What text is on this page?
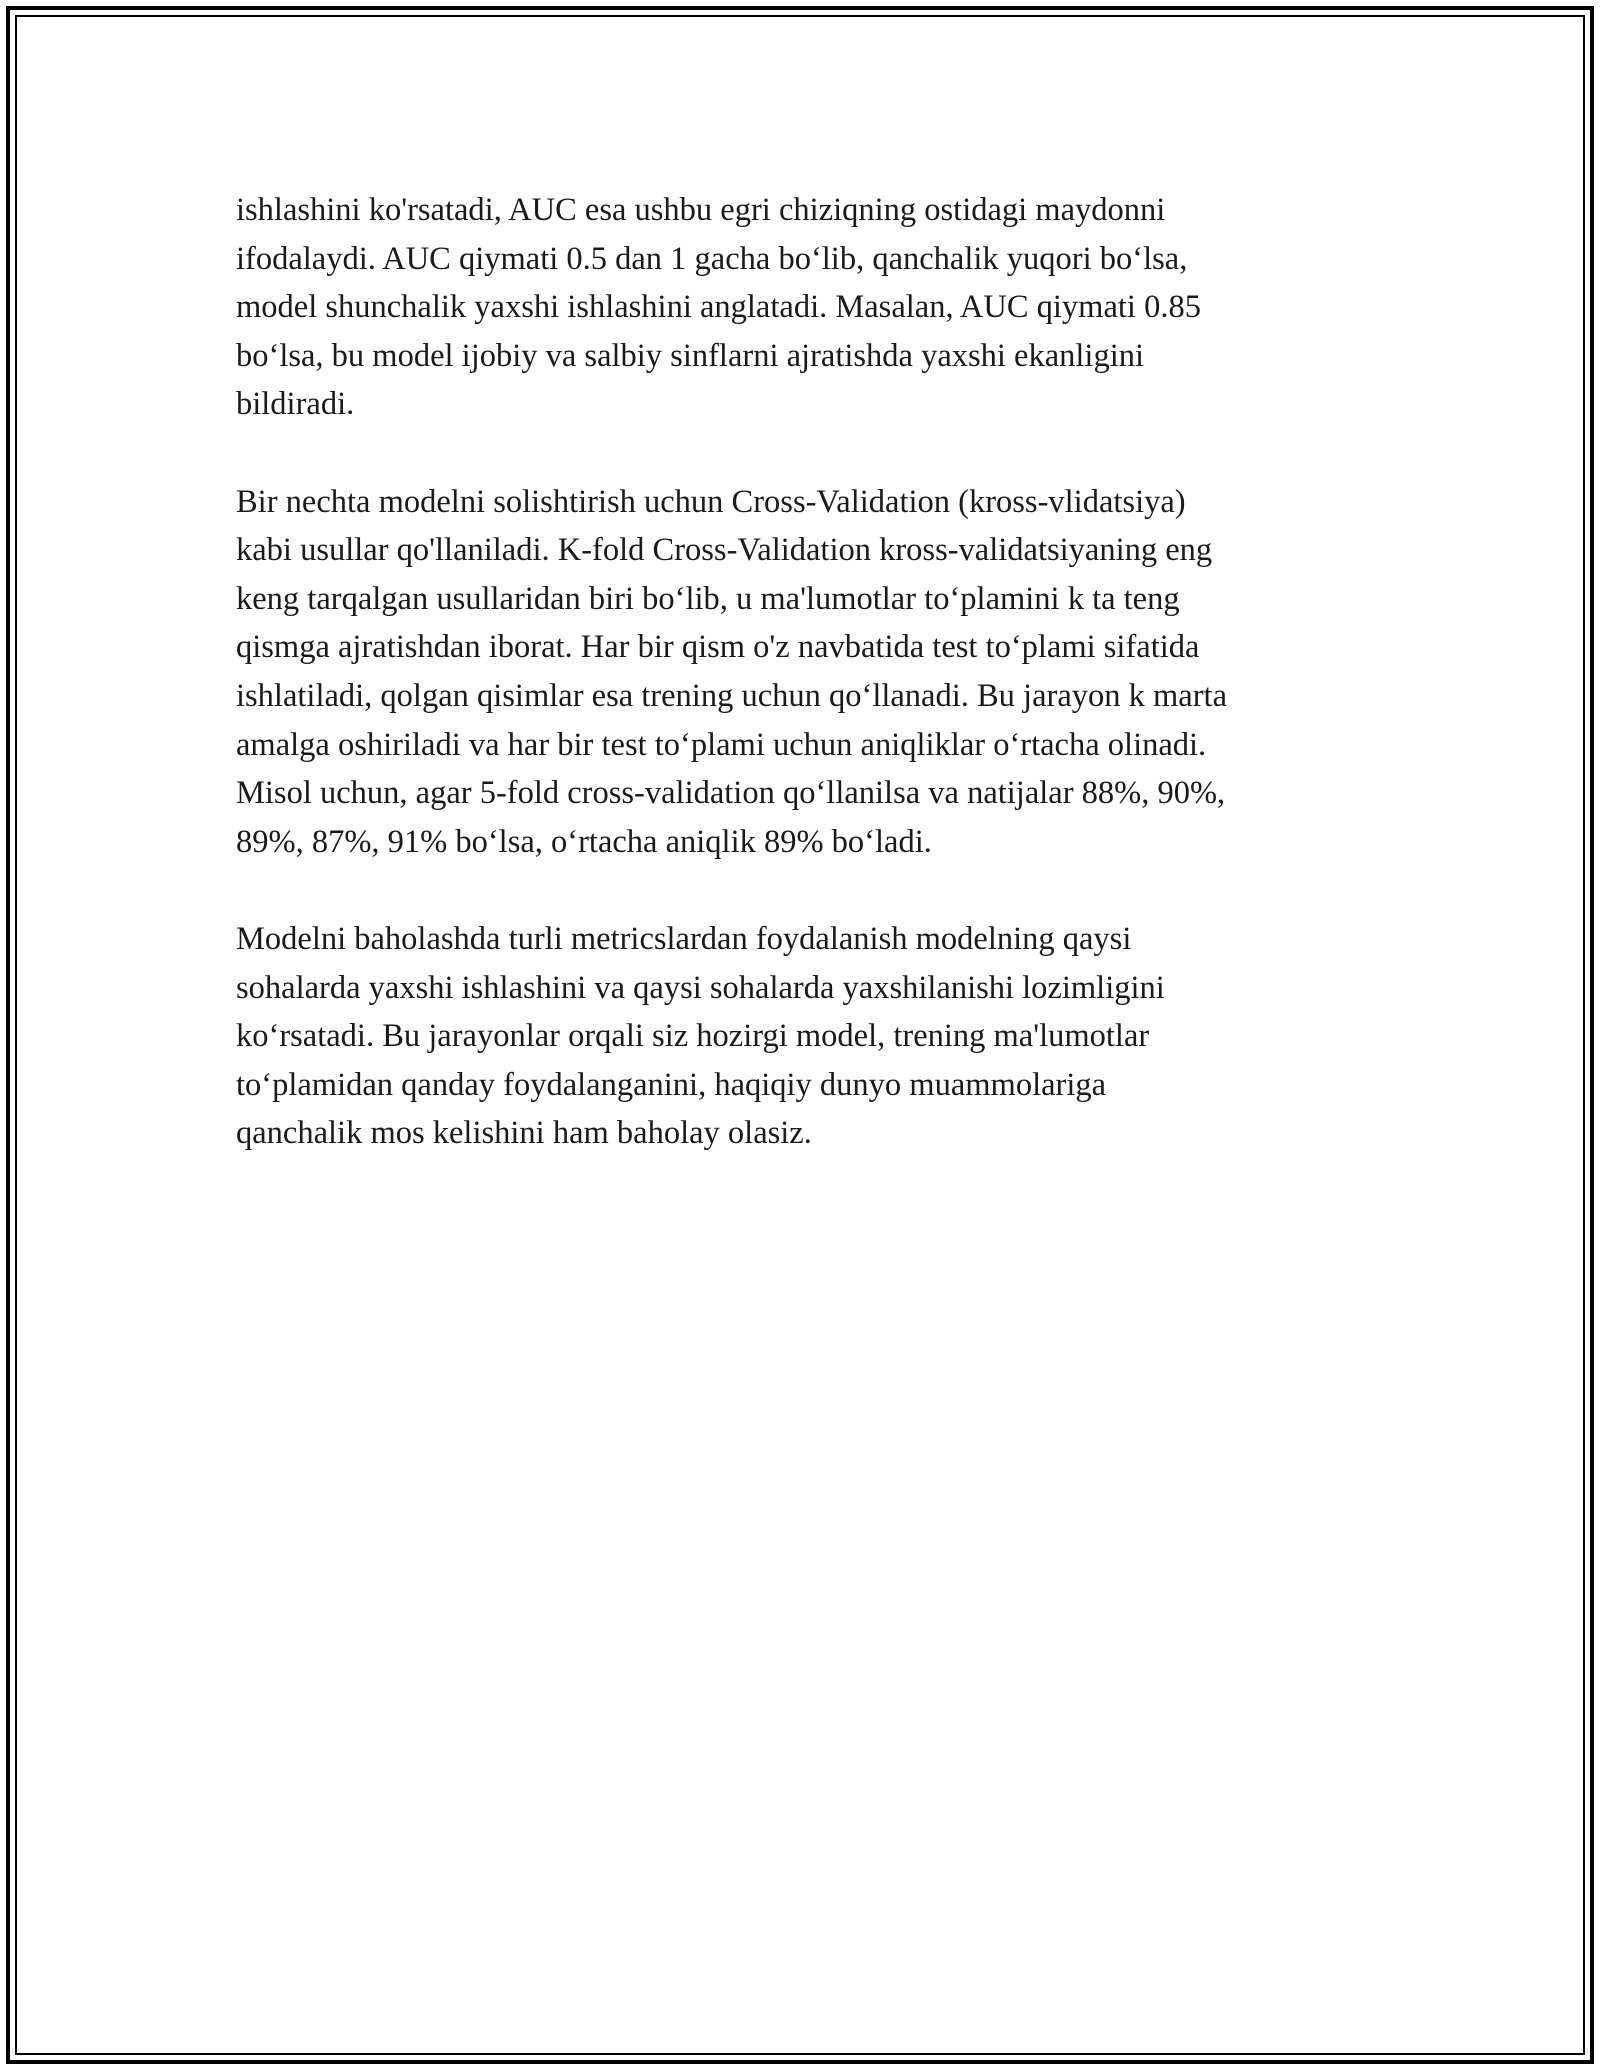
ishlashini ko'rsatadi, AUC esa ushbu egri chiziqning ostidagi maydonni
ifodalaydi. AUC qiymati 0.5 dan 1 gacha bo‘lib, qanchalik yuqori bo‘lsa,
model shunchalik yaxshi ishlashini anglatadi. Masalan, AUC qiymati 0.85
bo‘lsa, bu model ijobiy va salbiy sinflarni ajratishda yaxshi ekanligini
bildiradi.

Bir nechta modelni solishtirish uchun Cross-Validation (kross-vlidatsiya)
kabi usullar qo'llaniladi. K-fold Cross-Validation kross-validatsiyaning eng
keng tarqalgan usullaridan biri bo‘lib, u ma'lumotlar to‘plamini k ta teng
qismga ajratishdan iborat. Har bir qism o'z navbatida test to‘plami sifatida
ishlatiladi, qolgan qisimlar esa trening uchun qo‘llanadi. Bu jarayon k marta
amalga oshiriladi va har bir test to‘plami uchun aniqliklar o‘rtacha olinadi.
Misol uchun, agar 5-fold cross-validation qo‘llanilsa va natijalar 88%, 90%,
89%, 87%, 91% bo‘lsa, o‘rtacha aniqlik 89% bo‘ladi.

Modelni baholashda turli metricslardan foydalanish modelning qaysi
sohalarda yaxshi ishlashini va qaysi sohalarda yaxshilanishi lozimligini
ko‘rsatadi. Bu jarayonlar orqali siz hozirgi model, trening ma'lumotlar
to‘plamidan qanday foydalanganini, haqiqiy dunyo muammolariga
qanchalik mos kelishini ham baholay olasiz.
